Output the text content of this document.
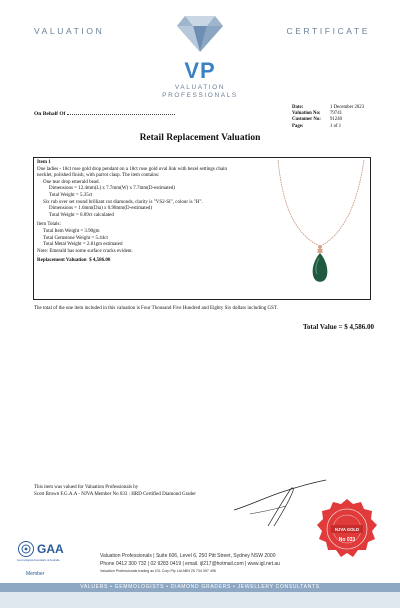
VALUATION	CERTIFICATE
VP
VALUATION
PROFESSIONALS
On Behalf Of
Date:	1 December 2023
Valuation No:	79741
Customer No:	91240
Page:	1 of 1
Retail Replacement Valuation
Item 1
One ladies - 18ct rose gold drop pendant on a 18ct rose gold oval link with bezel settings chain
necklet, polished finish, with parrot clasp. The item contains:
One tear drop emerald bead.
Dimensions = 12.4mm(L) x 7.7mm(W) x 7.7mm(D-estimated)
Total Weight = 5.35ct
Six rub over set round brilliant cut diamonds, clarity is "VS2-SI", colour is "H".
Dimensions = 1.6mm(Dia) x 0.98mm(D-estimated)
Total Weight = 0.09ct calculated
Item Totals:
Total Item Weight = 3.90gm
Total Gemstone Weight = 5.44ct
Total Metal Weight = 2.81gm estimated
Note: Emerald has some surface cracks evident.
Replacement Valuation $ 4,586.00
The total of the one item included in this valuation is Four Thousand Five Hundred and Eighty Six dollars including GST.
Total Value = $ 4,586.00
This item was valued for Valuation Professionals by
Scott Brown F.G.A.A - NJVA Member No 033 : HRD Certified Diamond Grader
NJVA GOLD
No 033
GAA
Gemmological Association of Australia
Member
Valuation Professionals | Suite 606, Level 6, 250 Pitt Street, Sydney NSW 2000
Phone 0412 300 732 | 02 9283 0419 | email. ijl217@hotmail.com | www.igl.net.au
Valuation Professionals trading as IGL Corp Pty Ltd ABN 25 734 397 496
VALUERS • GEMMOLOGISTS • DIAMOND GRADERS • JEWELLERY CONSULTANTS
